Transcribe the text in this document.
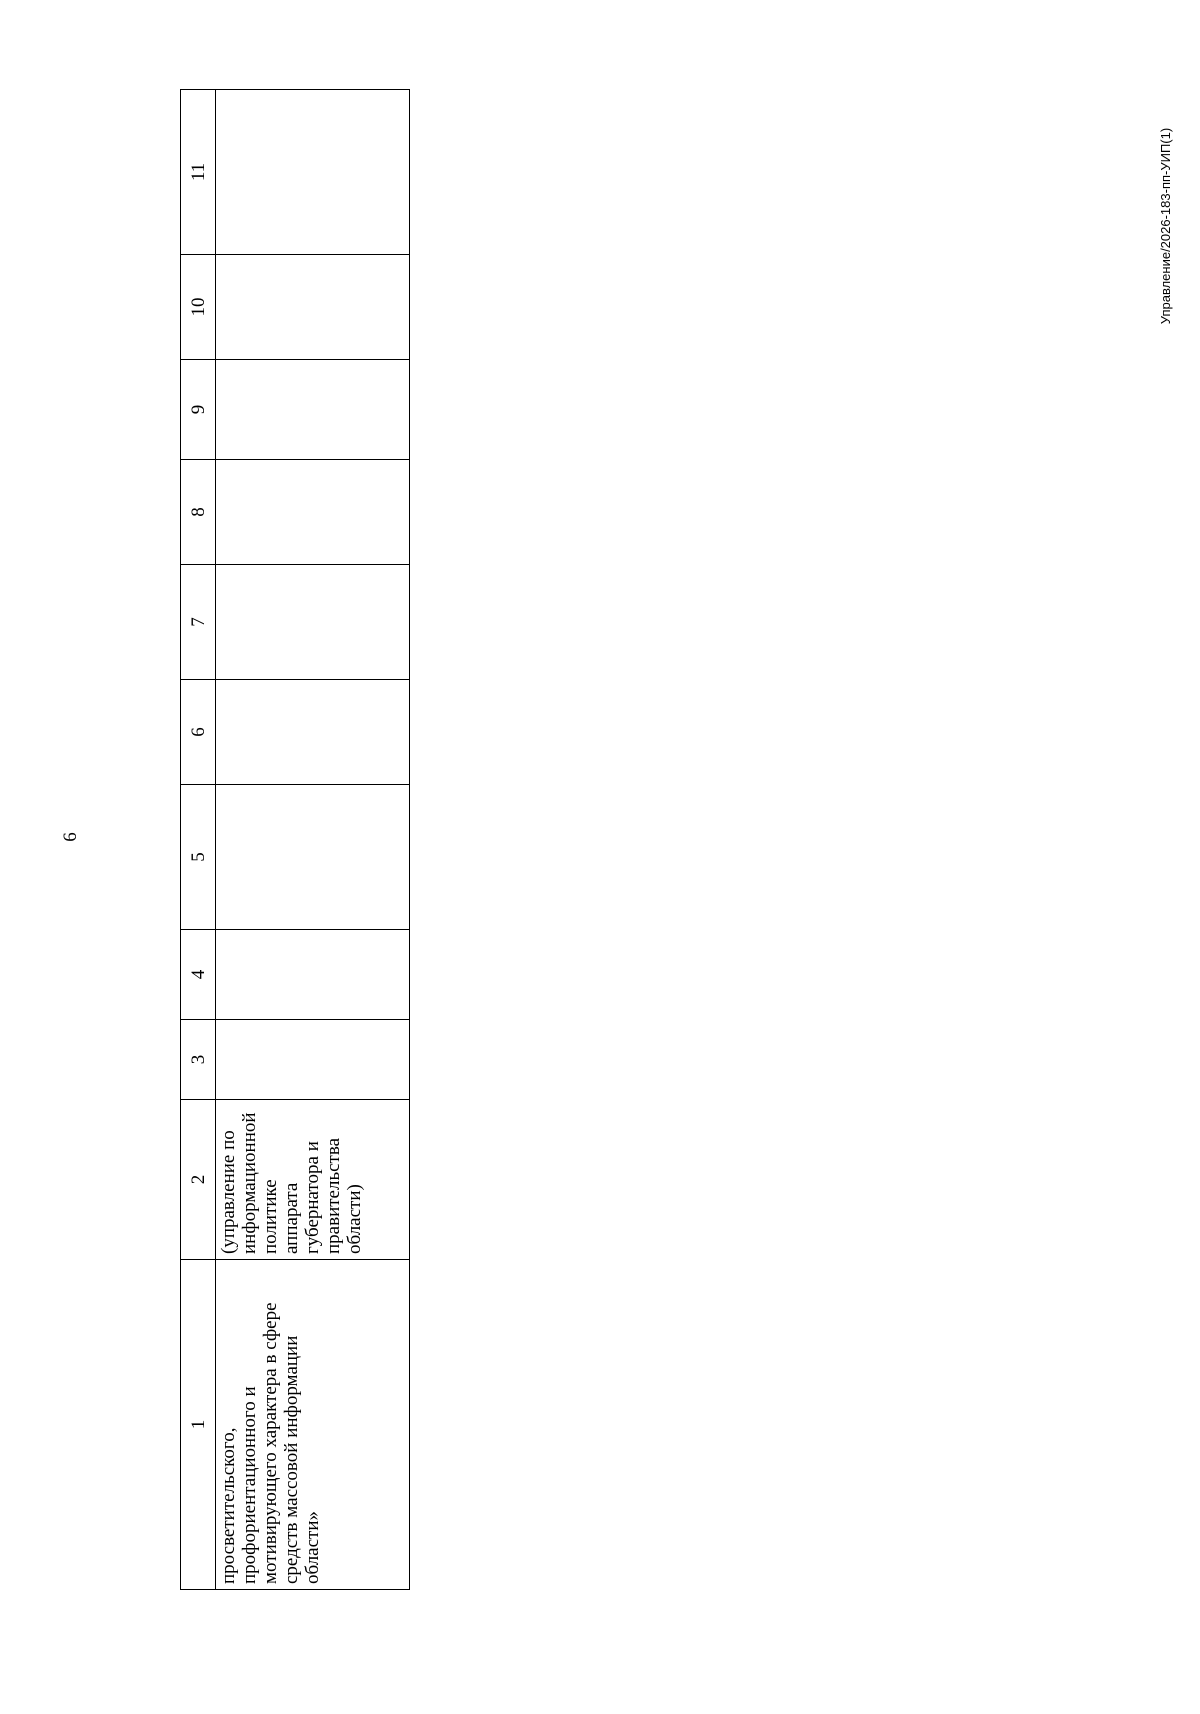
6
Управление/2026-183-пп-УИП(1)
1	2	3	4	5	6	7	8	9	10	11
просветительского, профориентационного и мотивирующего характера в сфере средств массовой информации области»	(управление по информационной политике аппарата губернатора и правительства области)									
